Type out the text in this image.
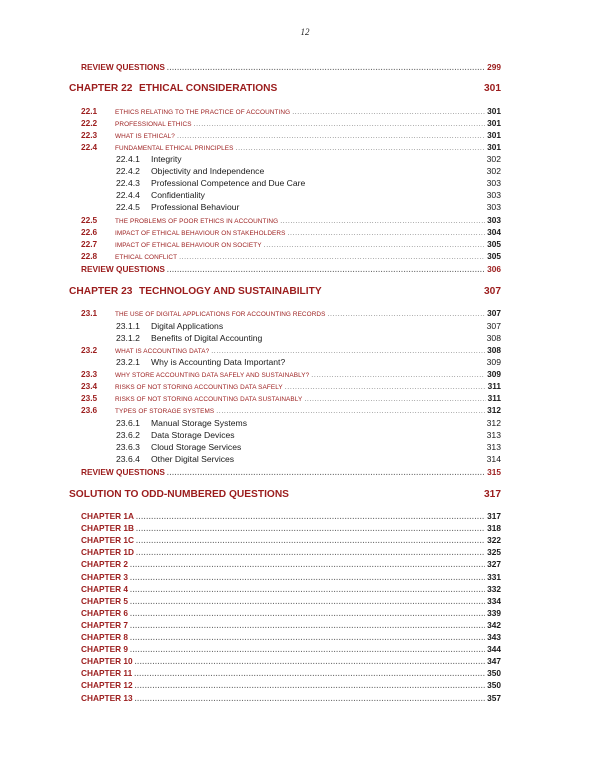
12
REVIEW QUESTIONS .....	299
CHAPTER 22 ETHICAL CONSIDERATIONS	301
22.1	ETHICS RELATING TO THE PRACTICE OF ACCOUNTING .....	301
22.2	PROFESSIONAL ETHICS .....	301
22.3	WHAT IS ETHICAL? .....	301
22.4	FUNDAMENTAL ETHICAL PRINCIPLES .....	301
22.4.1	Integrity	302
22.4.2	Objectivity and Independence	302
22.4.3	Professional Competence and Due Care	303
22.4.4	Confidentiality	303
22.4.5	Professional Behaviour	303
22.5	THE PROBLEMS OF POOR ETHICS IN ACCOUNTING .....	303
22.6	IMPACT OF ETHICAL BEHAVIOUR ON STAKEHOLDERS .....	304
22.7	IMPACT OF ETHICAL BEHAVIOUR ON SOCIETY .....	305
22.8	ETHICAL CONFLICT .....	305
REVIEW QUESTIONS .....	306
CHAPTER 23 TECHNOLOGY AND SUSTAINABILITY	307
23.1	THE USE OF DIGITAL APPLICATIONS FOR ACCOUNTING RECORDS .....	307
23.1.1	Digital Applications	307
23.1.2	Benefits of Digital Accounting	308
23.2	WHAT IS ACCOUNTING DATA? .....	308
23.2.1	Why is Accounting Data Important?	309
23.3	WHY STORE ACCOUNTING DATA SAFELY AND SUSTAINABLY? .....	309
23.4	RISKS OF NOT STORING ACCOUNTING DATA SAFELY .....	311
23.5	RISKS OF NOT STORING ACCOUNTING DATA SUSTAINABLY .....	311
23.6	TYPES OF STORAGE SYSTEMS .....	312
23.6.1	Manual Storage Systems	312
23.6.2	Data Storage Devices	313
23.6.3	Cloud Storage Services	313
23.6.4	Other Digital Services	314
REVIEW QUESTIONS .....	315
SOLUTION TO ODD-NUMBERED QUESTIONS	317
CHAPTER 1A .....	317
CHAPTER 1B .....	318
CHAPTER 1C .....	322
CHAPTER 1D .....	325
CHAPTER 2 .....	327
CHAPTER 3 .....	331
CHAPTER 4 .....	332
CHAPTER 5 .....	334
CHAPTER 6 .....	339
CHAPTER 7 .....	342
CHAPTER 8 .....	343
CHAPTER 9 .....	344
CHAPTER 10 .....	347
CHAPTER 11 .....	350
CHAPTER 12 .....	350
CHAPTER 13 .....	357
